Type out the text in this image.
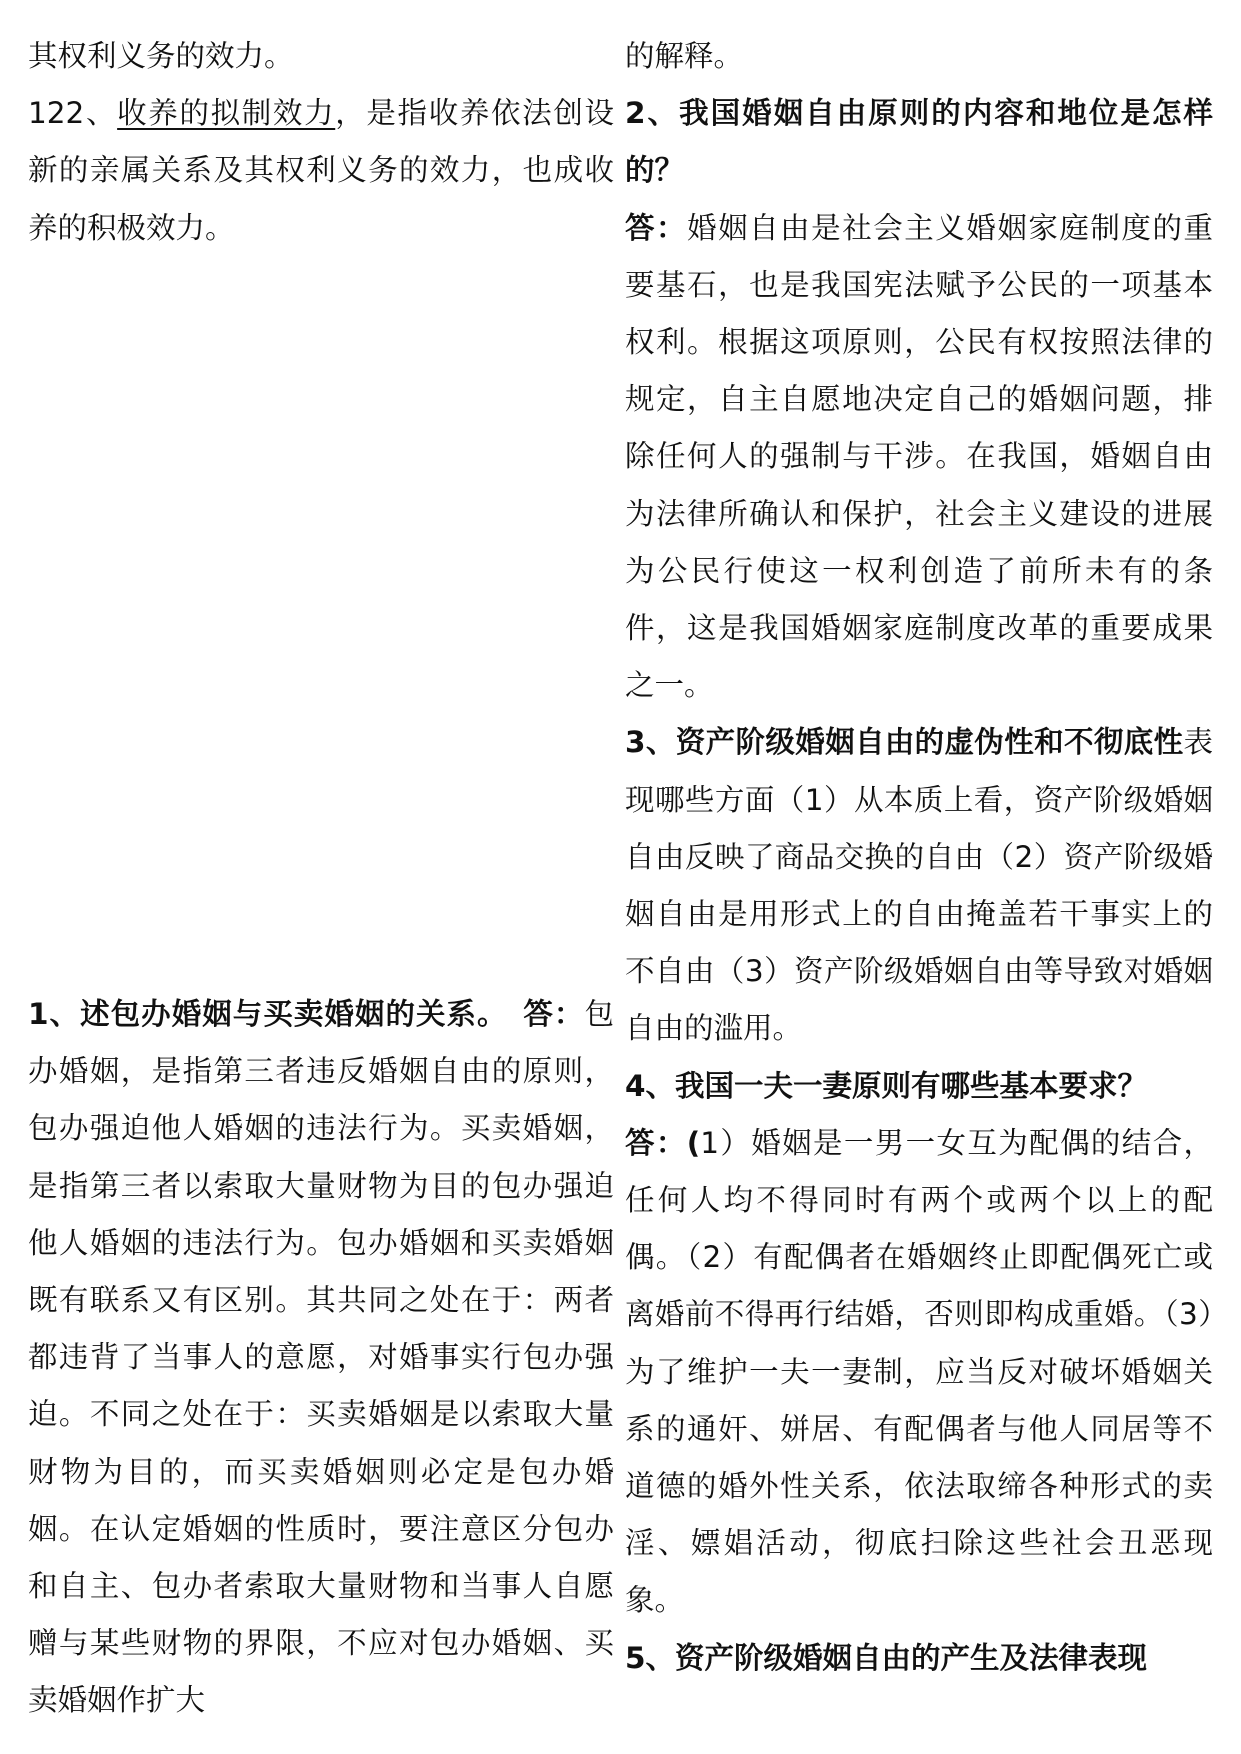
其权利义务的效力。

122、收养的拟制效力，是指收养依法创设新的亲属关系及其权利义务的效力，也成收养的积极效力。

1、述包办婚姻与买卖婚姻的关系。　 答：包办婚姻，是指第三者违反婚姻自由的原则，包办强迫他人婚姻的违法行为。买卖婚姻，是指第三者以索取大量财物为目的包办强迫他人婚姻的违法行为。包办婚姻和买卖婚姻既有联系又有区别。其共同之处在于：两者都违背了当事人的意愿，对婚事实行包办强迫。不同之处在于：买卖婚姻是以索取大量财物为目的，而买卖婚姻则必定是包办婚姻。在认定婚姻的性质时，要注意区分包办和自主、包办者索取大量财物和当事人自愿赠与某些财物的界限，不应对包办婚姻、买卖婚姻作扩大

的解释。

2、我国婚姻自由原则的内容和地位是怎样的？

答：婚姻自由是社会主义婚姻家庭制度的重要基石，也是我国宪法赋予公民的一项基本权利。根据这项原则，公民有权按照法律的规定，自主自愿地决定自己的婚姻问题，排除任何人的强制与干涉。在我国，婚姻自由为法律所确认和保护，社会主义建设的进展为公民行使这一权利创造了前所未有的条件，这是我国婚姻家庭制度改革的重要成果之一。

3、资产阶级婚姻自由的虚伪性和不彻底性表现哪些方面（1）从本质上看，资产阶级婚姻自由反映了商品交换的自由（2）资产阶级婚姻自由是用形式上的自由掩盖若干事实上的不自由（3）资产阶级婚姻自由等导致对婚姻自由的滥用。

4、我国一夫一妻原则有哪些基本要求？

答：(1）婚姻是一男一女互为配偶的结合，任何人均不得同时有两个或两个以上的配偶。（2）有配偶者在婚姻终止即配偶死亡或离婚前不得再行结婚，否则即构成重婚。（3）为了维护一夫一妻制，应当反对破坏婚姻关系的通奸、姘居、有配偶者与他人同居等不道德的婚外性关系，依法取缔各种形式的卖淫、嫖娼活动，彻底扫除这些社会丑恶现象。

5、资产阶级婚姻自由的产生及法律表现
